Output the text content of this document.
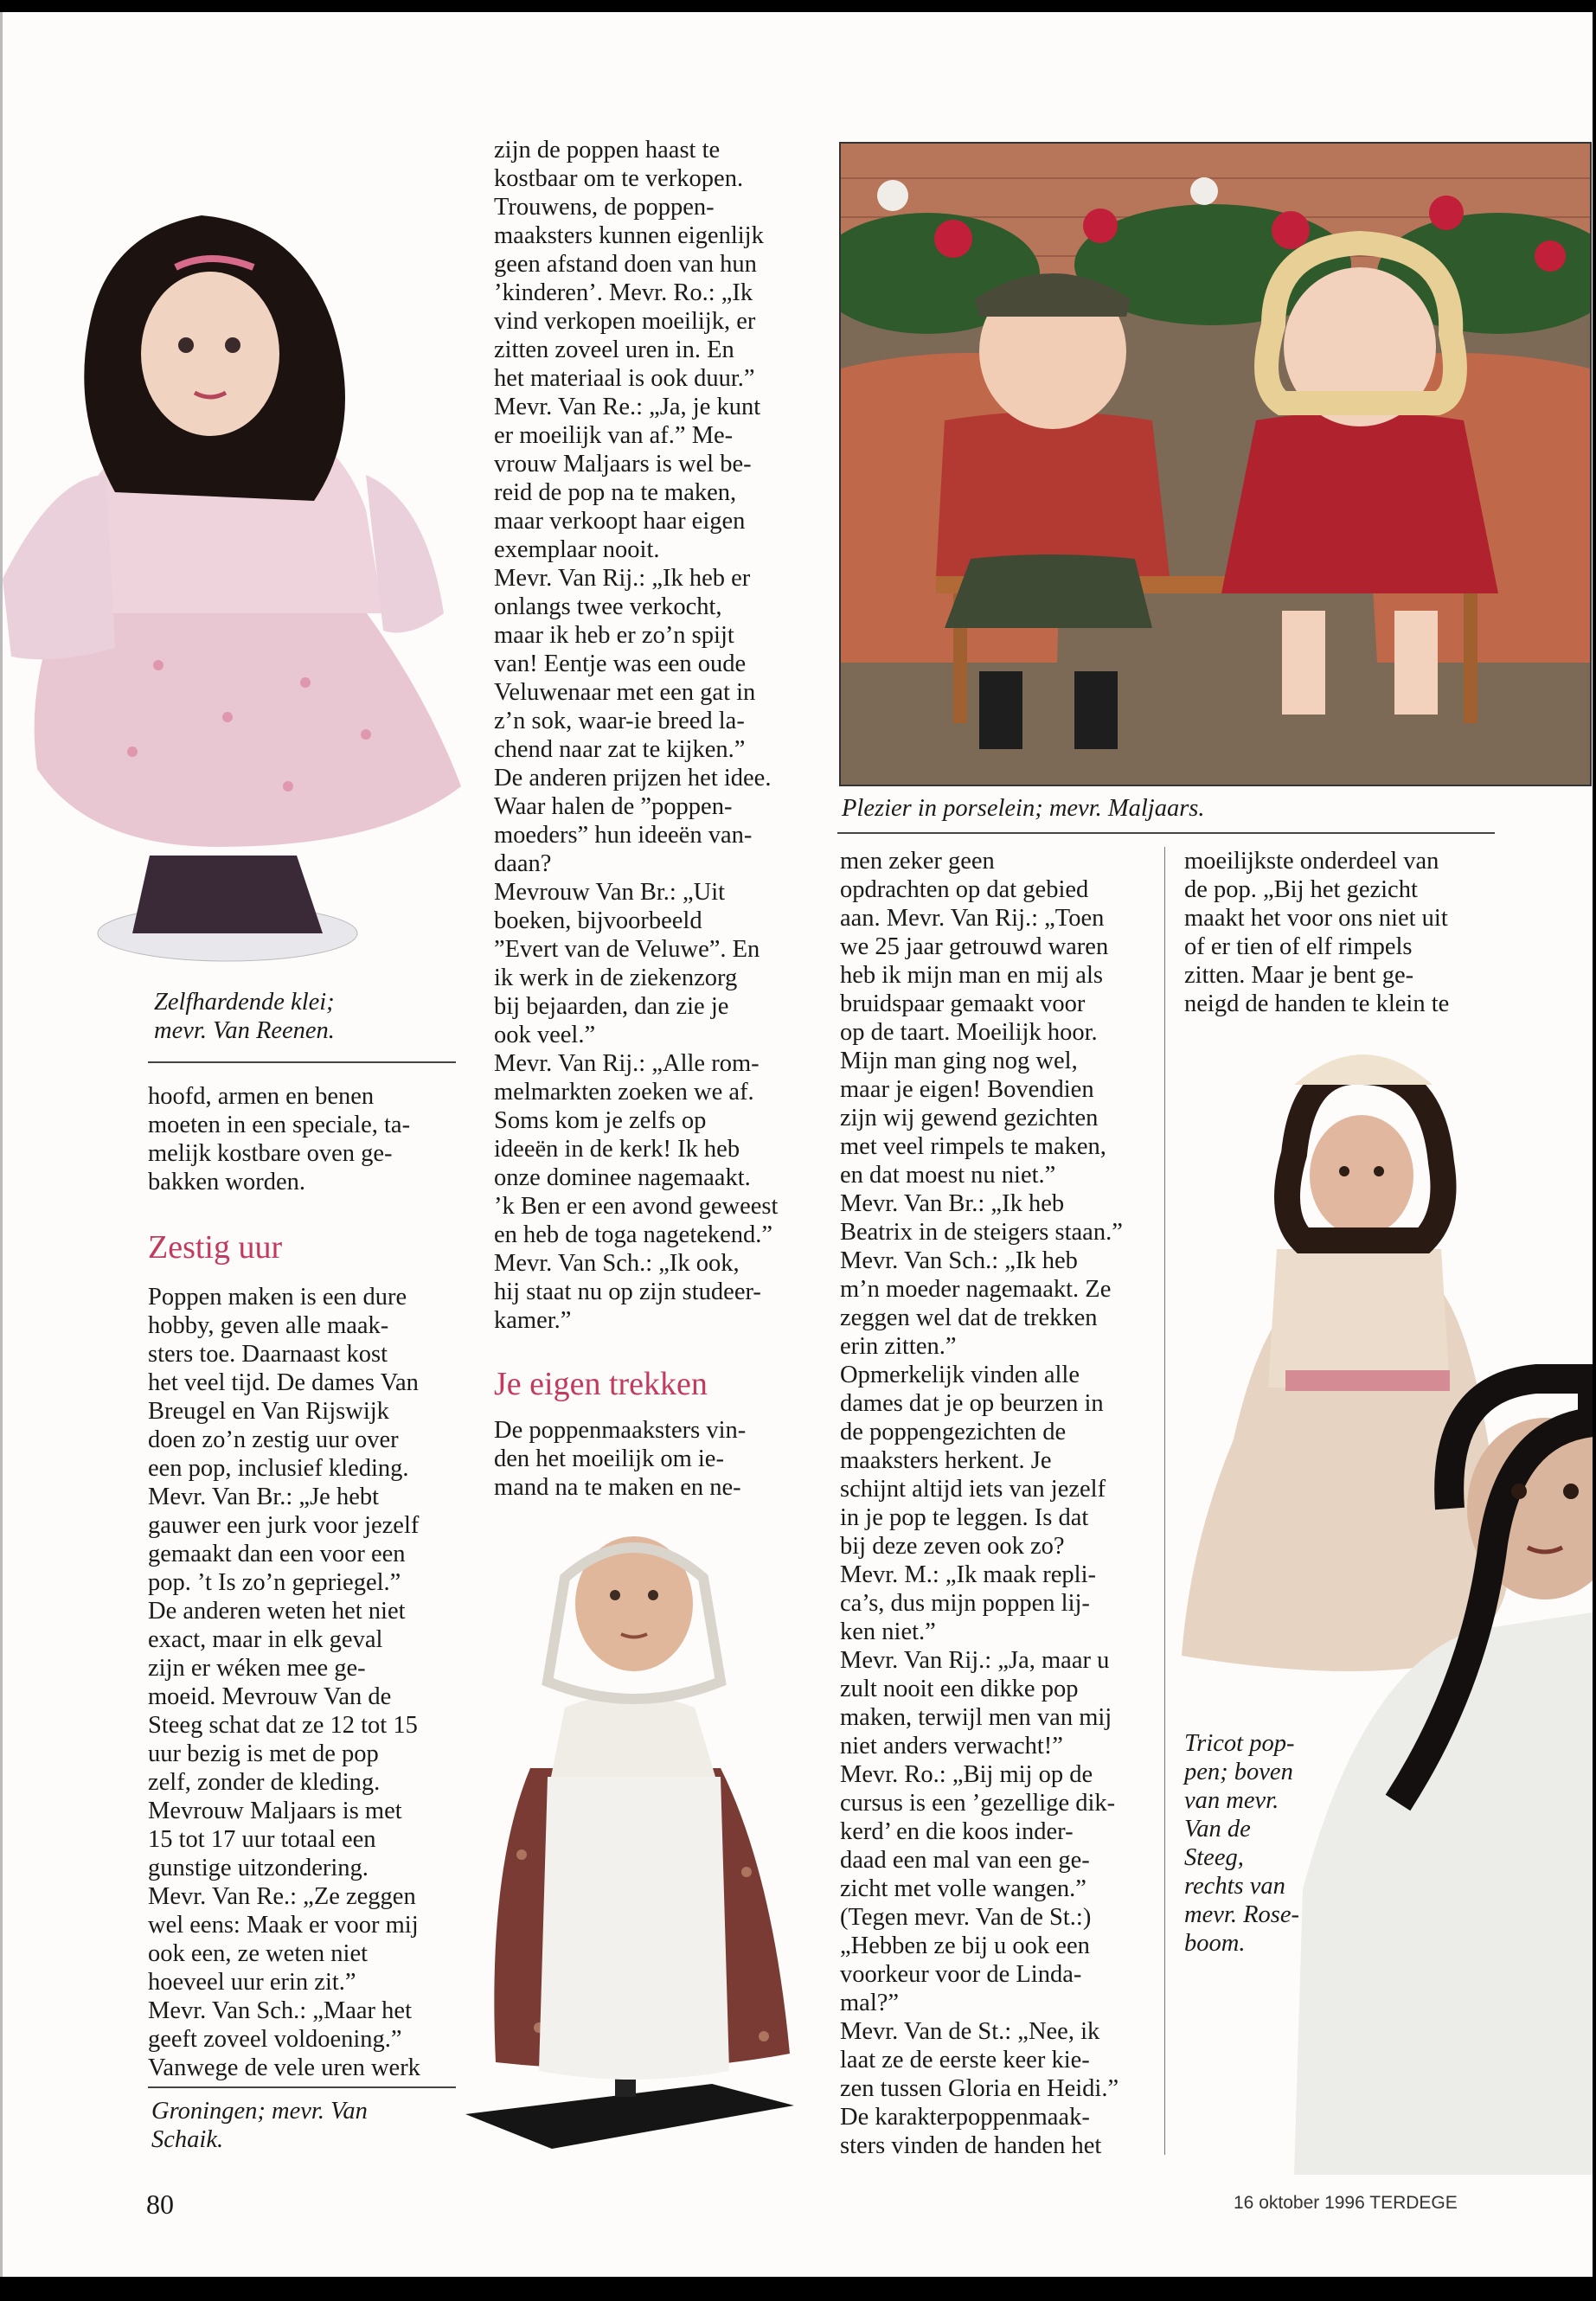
Zelfhardende klei;
mevr. Van Reenen.

hoofd, armen en benen

moeten in een speciale, ta-

melijk kostbare oven ge-

bakken worden.

Zestig uur

Poppen maken is een dure

hobby, geven alle maak-

sters toe. Daarnaast kost

het veel tijd. De dames Van

Breugel en Van Rijswijk

doen zo’n zestig uur over

een pop, inclusief kleding.

Mevr. Van Br.: „Je hebt

gauwer een jurk voor jezelf

gemaakt dan een voor een

pop. ’t Is zo’n gepriegel.”

De anderen weten het niet

exact, maar in elk geval

zijn er wéken mee ge-

moeid. Mevrouw Van de

Steeg schat dat ze 12 tot 15

uur bezig is met de pop

zelf, zonder de kleding.

Mevrouw Maljaars is met

15 tot 17 uur totaal een

gunstige uitzondering.

Mevr. Van Re.: „Ze zeggen

wel eens: Maak er voor mij

ook een, ze weten niet

hoeveel uur erin zit.”

Mevr. Van Sch.: „Maar het

geeft zoveel voldoening.”

Vanwege de vele uren werk

Groningen; mevr. Van
Schaik.

zijn de poppen haast te

kostbaar om te verkopen.

Trouwens, de poppen-

maaksters kunnen eigenlijk

geen afstand doen van hun

’kinderen’. Mevr. Ro.: „Ik

vind verkopen moeilijk, er

zitten zoveel uren in. En

het materiaal is ook duur.”

Mevr. Van Re.: „Ja, je kunt

er moeilijk van af.” Me-

vrouw Maljaars is wel be-

reid de pop na te maken,

maar verkoopt haar eigen

exemplaar nooit.

Mevr. Van Rij.: „Ik heb er

onlangs twee verkocht,

maar ik heb er zo’n spijt

van! Eentje was een oude

Veluwenaar met een gat in

z’n sok, waar-ie breed la-

chend naar zat te kijken.”

De anderen prijzen het idee.

Waar halen de ”poppen-

moeders” hun ideeën van-

daan?

Mevrouw Van Br.: „Uit

boeken, bijvoorbeeld

”Evert van de Veluwe”. En

ik werk in de ziekenzorg

bij bejaarden, dan zie je

ook veel.”

Mevr. Van Rij.: „Alle rom-

melmarkten zoeken we af.

Soms kom je zelfs op

ideeën in de kerk! Ik heb

onze dominee nagemaakt.

’k Ben er een avond geweest

en heb de toga nagetekend.”

Mevr. Van Sch.: „Ik ook,

hij staat nu op zijn studeer-

kamer.”

Je eigen trekken

De poppenmaaksters vin-

den het moeilijk om ie-

mand na te maken en ne-

Plezier in porselein; mevr. Maljaars.

men zeker geen

opdrachten op dat gebied

aan. Mevr. Van Rij.: „Toen

we 25 jaar getrouwd waren

heb ik mijn man en mij als

bruidspaar gemaakt voor

op de taart. Moeilijk hoor.

Mijn man ging nog wel,

maar je eigen! Bovendien

zijn wij gewend gezichten

met veel rimpels te maken,

en dat moest nu niet.”

Mevr. Van Br.: „Ik heb

Beatrix in de steigers staan.”

Mevr. Van Sch.: „Ik heb

m’n moeder nagemaakt. Ze

zeggen wel dat de trekken

erin zitten.”

Opmerkelijk vinden alle

dames dat je op beurzen in

de poppengezichten de

maaksters herkent. Je

schijnt altijd iets van jezelf

in je pop te leggen. Is dat

bij deze zeven ook zo?

Mevr. M.: „Ik maak repli-

ca’s, dus mijn poppen lij-

ken niet.”

Mevr. Van Rij.: „Ja, maar u

zult nooit een dikke pop

maken, terwijl men van mij

niet anders verwacht!”

Mevr. Ro.: „Bij mij op de

cursus is een ’gezellige dik-

kerd’ en die koos inder-

daad een mal van een ge-

zicht met volle wangen.”

(Tegen mevr. Van de St.:)

„Hebben ze bij u ook een

voorkeur voor de Linda-

mal?”

Mevr. Van de St.: „Nee, ik

laat ze de eerste keer kie-

zen tussen Gloria en Heidi.”

De karakterpoppenmaak-

sters vinden de handen het

moeilijkste onderdeel van

de pop. „Bij het gezicht

maakt het voor ons niet uit

of er tien of elf rimpels

zitten. Maar je bent ge-

neigd de handen te klein te

Tricot pop-
pen; boven
van mevr.
Van de
Steeg,
rechts van
mevr. Rose-
boom.
80	16 oktober 1996 TERDEGE
